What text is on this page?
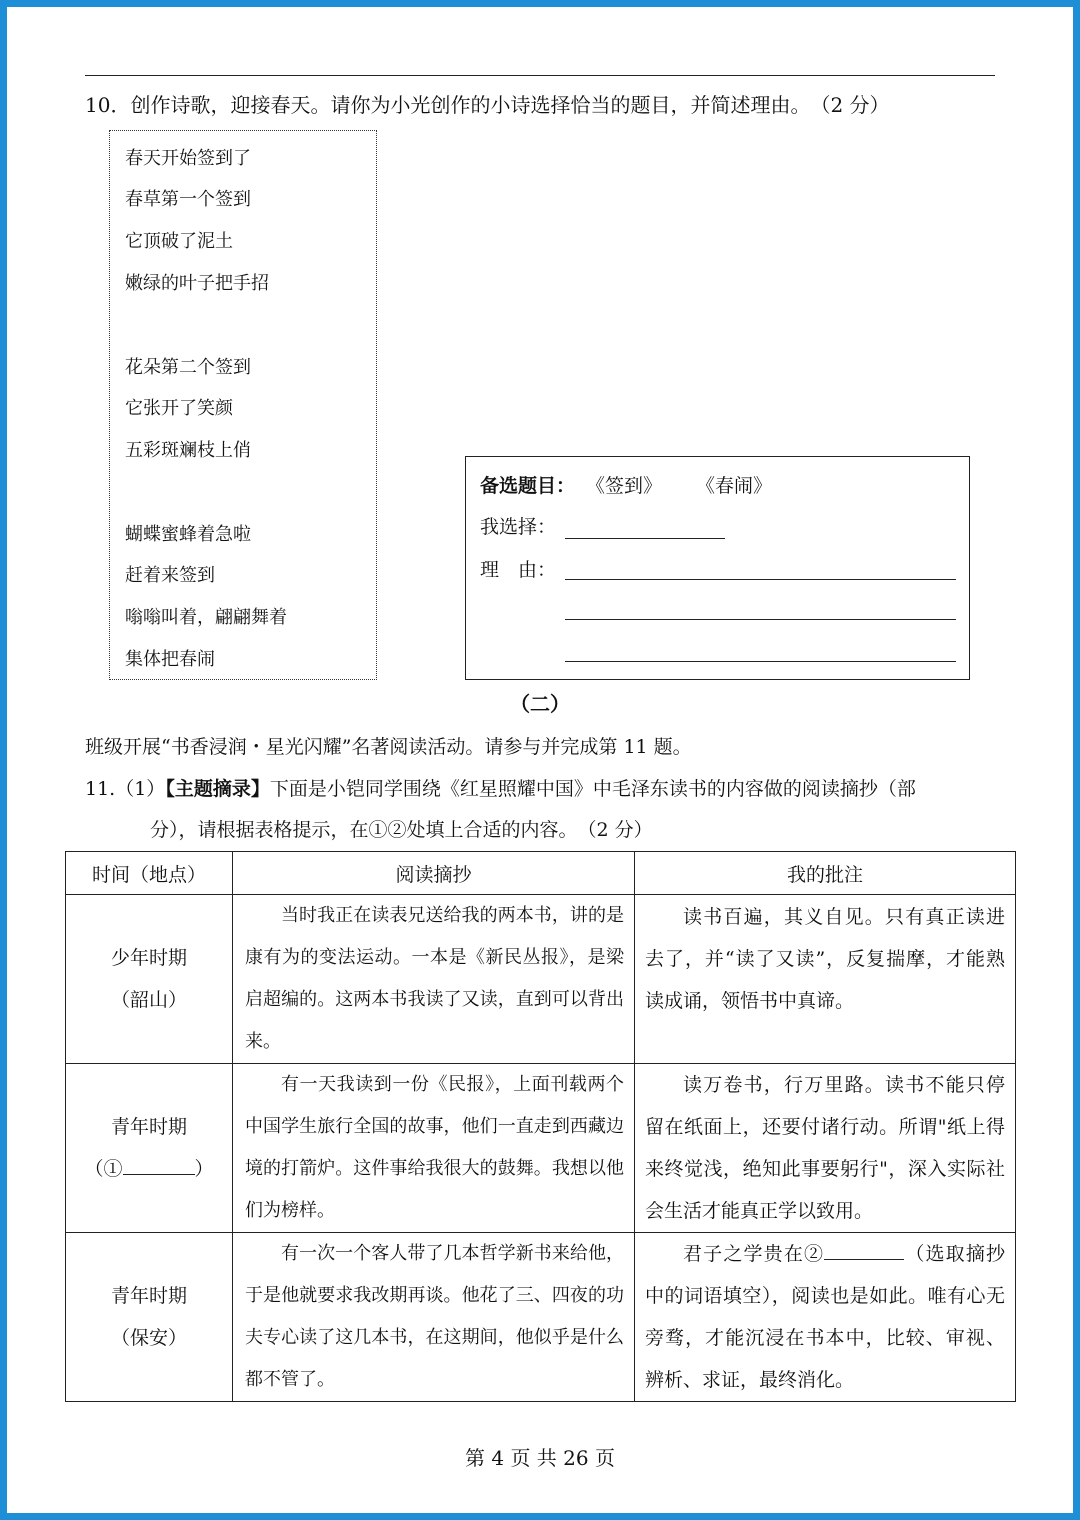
10．创作诗歌，迎接春天。请你为小光创作的小诗选择恰当的题目，并简述理由。　（2 分）
春天开始签到了
春草第一个签到
它顶破了泥土
嫩绿的叶子把手招
花朵第二个签到
它张开了笑颜
五彩斑斓枝上俏
蝴蝶蜜蜂着急啦
赶着来签到
嗡嗡叫着，翩翩舞着
集体把春闹
备选题目： 《签到》 《春闹》
我选择：
理　由：
（二）
班级开展“书香浸润・星光闪耀”名著阅读活动。请参与并完成第 11 题。
11.（1）【主题摘录】下面是小铠同学围绕《红星照耀中国》中毛泽东读书的内容做的阅读摘抄（部
分），请根据表格提示，在①②处填上合适的内容。　（2 分）
时间（地点）	阅读摘抄	我的批注

少年时期
（韶山）	当时我正在读表兄送给我的两本书，讲的是康有为的变法运动。一本是《新民丛报》，是梁启超编的。这两本书我读了又读，直到可以背出来。	读书百遍，其义自见。只有真正读进去了，并“读了又读”，反复揣摩，才能熟读成诵，领悟书中真谛。

青年时期
（① ）	有一天我读到一份《民报》，上面刊载两个中国学生旅行全国的故事，他们一直走到西藏边境的打箭炉。这件事给我很大的鼓舞。我想以他们为榜样。	读万卷书，行万里路。读书不能只停留在纸面上，还要付诸行动。所谓"纸上得来终觉浅，绝知此事要躬行"，深入实际社会生活才能真正学以致用。

青年时期
（保安）	有一次一个客人带了几本哲学新书来给他，于是他就要求我改期再谈。他花了三、四夜的功夫专心读了这几本书，在这期间，他似乎是什么都不管了。	君子之学贵在② （选取摘抄中的词语填空），阅读也是如此。唯有心无旁骛，才能沉浸在书本中，比较、审视、辨析、求证，最终消化。
第 4 页 共 26 页
